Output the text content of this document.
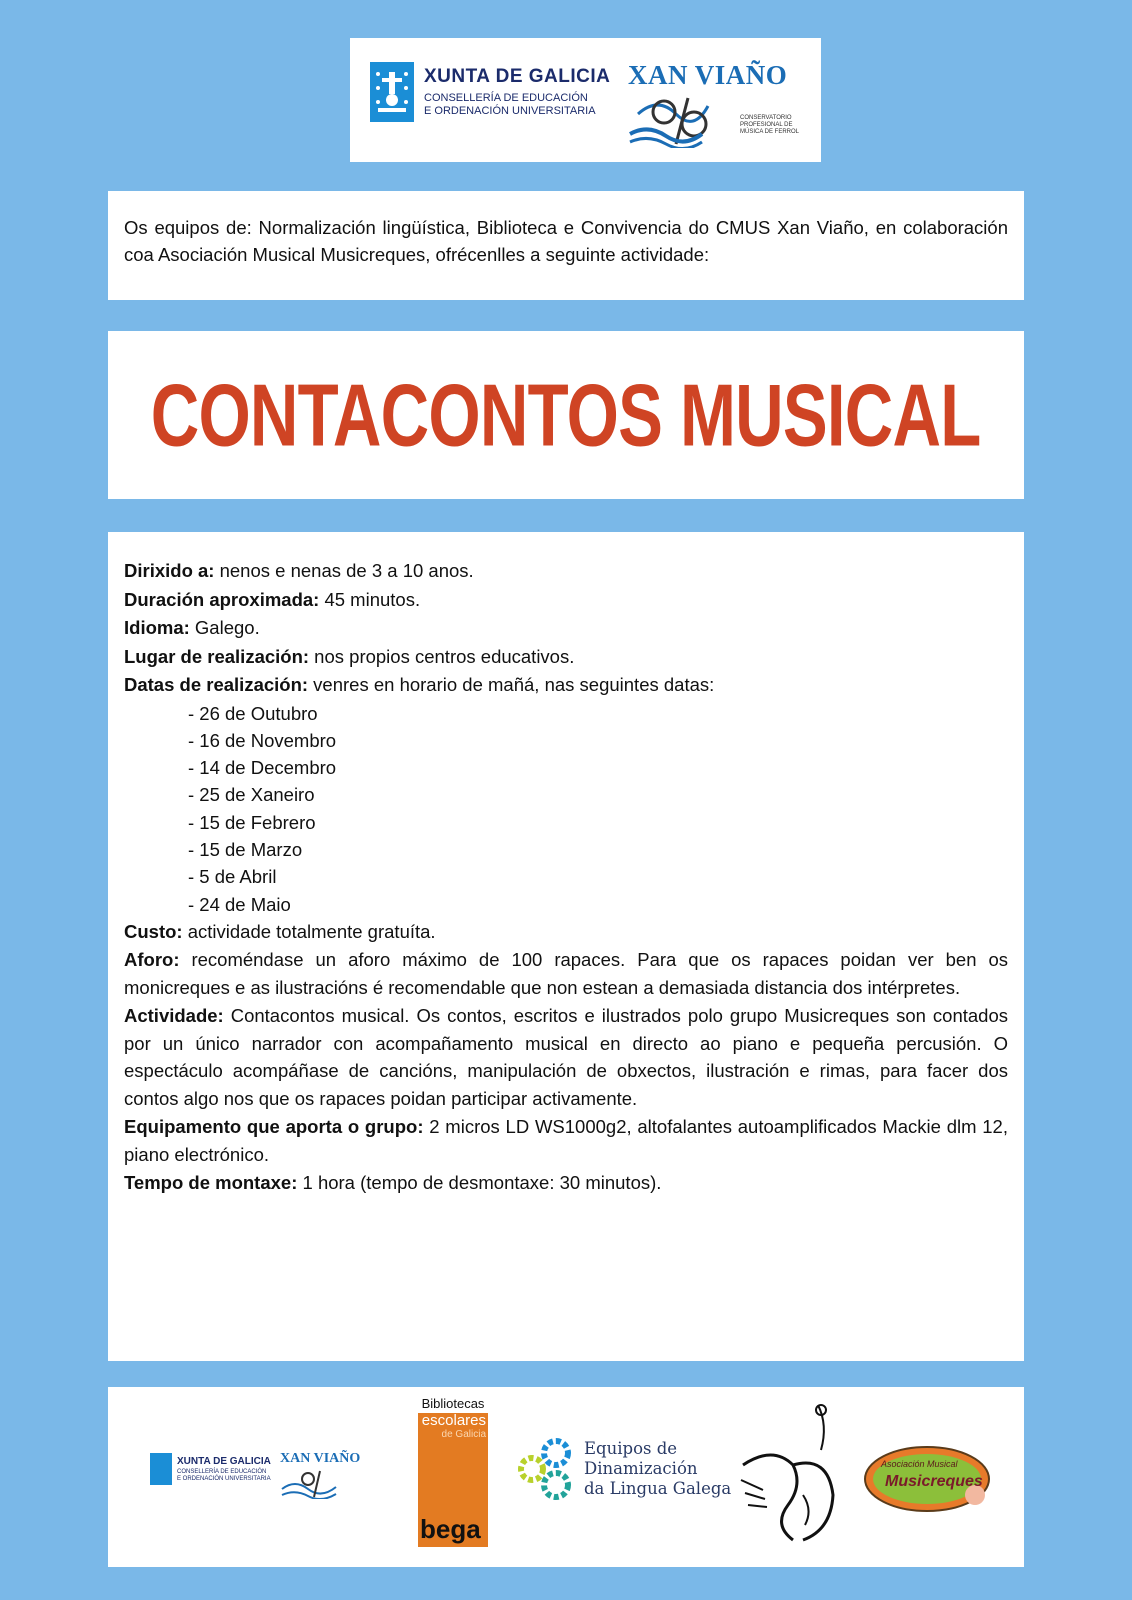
XUNTA DE GALICIA
CONSELLERÍA DE EDUCACIÓN
E ORDENACIÓN UNIVERSITARIA
XAN VIAÑO
CONSERVATORIO
PROFESIONAL DE
MÚSICA DE FERROL

Os equipos de: Normalización lingüística, Biblioteca e Convivencia do CMUS Xan Viaño, en colaboración coa Asociación Musical Musicreques, ofrécenlles a seguinte actividade:

CONTACONTOS MUSICAL
Dirixido a: nenos e nenas de 3 a 10 anos.
Duración aproximada: 45 minutos.
Idioma: Galego.
Lugar de realización: nos propios centros educativos.
Datas de realización: venres en horario de mañá, nas seguintes datas:
- 26 de Outubro
- 16 de Novembro
- 14 de Decembro
- 25 de Xaneiro
- 15 de Febrero
- 15 de Marzo
- 5 de Abril
- 24 de Maio
Custo: actividade totalmente gratuíta.
Aforo: recoméndase un aforo máximo de 100 rapaces. Para que os rapaces poidan ver ben os monicreques e as ilustracións é recomendable que non estean a demasiada distancia dos intérpretes.
Actividade: Contacontos musical. Os contos, escritos e ilustrados polo grupo Musicreques son contados por un único narrador con acompañamento musical en directo ao piano e pequeña percusión. O espectáculo acompáñase de cancións, manipulación de obxectos, ilustración e rimas, para facer dos contos algo nos que os rapaces poidan participar activamente.
Equipamento que aporta o grupo: 2 micros LD WS1000g2, altofalantes autoamplificados Mackie dlm 12, piano electrónico.
Tempo de montaxe: 1 hora (tempo de desmontaxe: 30 minutos).
XUNTA DE GALICIA
CONSELLERÍA DE EDUCACIÓN
E ORDENACIÓN UNIVERSITARIA
XAN VIAÑO
Bibliotecas
escolares
de Galicia
bega
Equipos de
Dinamización
da Lingua Galega
Asociación Musical
Musicreques
